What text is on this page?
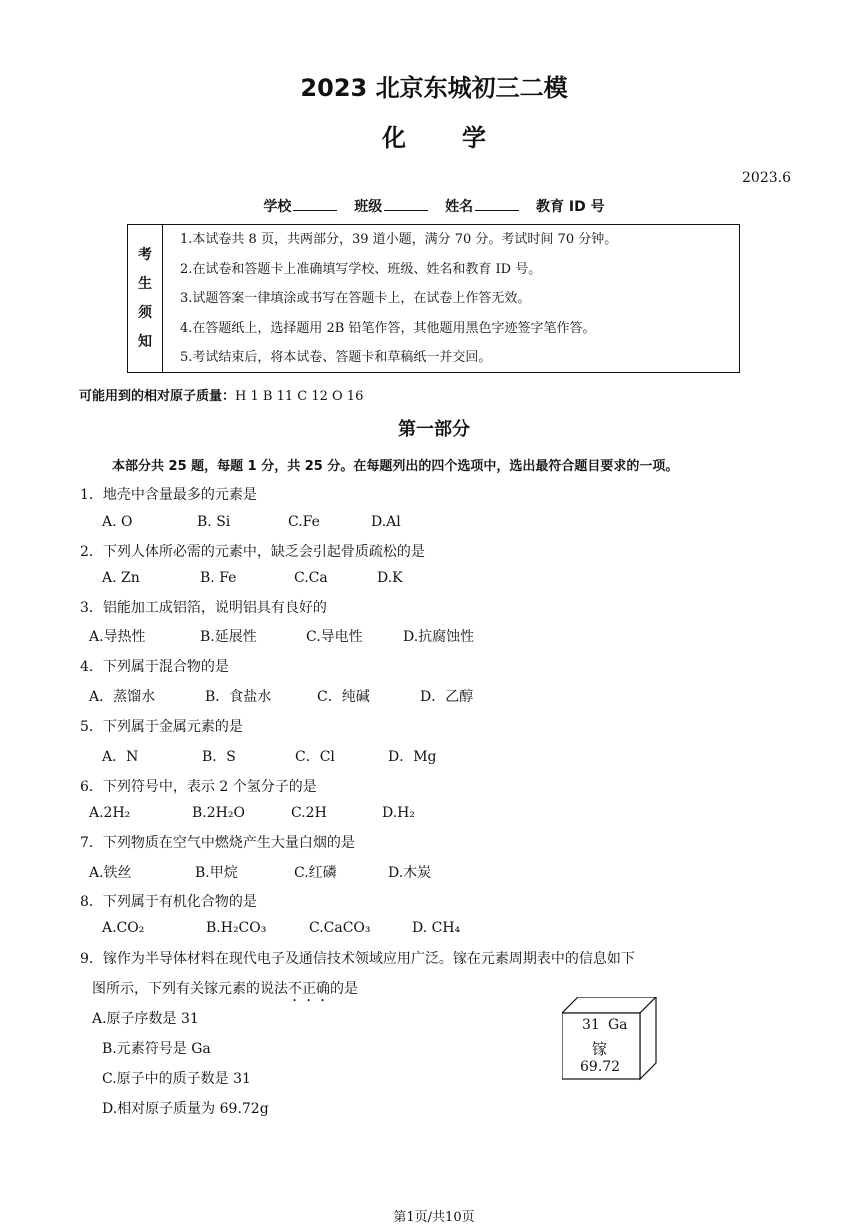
2023 北京东城初三二模
化学
2023.6
学校	班级	姓名	教育 ID 号
考
生
须
知
1.本试卷共 8 页，共两部分，39 道小题，满分 70 分。考试时间 70 分钟。
2.在试卷和答题卡上准确填写学校、班级、姓名和教育 ID 号。
3.试题答案一律填涂或书写在答题卡上，在试卷上作答无效。
4.在答题纸上，选择题用 2B 铅笔作答，其他题用黑色字迹签字笔作答。
5.考试结束后，将本试卷、答题卡和草稿纸一并交回。
可能用到的相对原子质量：H 1 B 11 C 12 O 16
第一部分
本部分共 25 题，每题 1 分，共 25 分。在每题列出的四个选项中，选出最符合题目要求的一项。
1．地壳中含量最多的元素是
A. O	B. Si	C.Fe	D.Al
2．下列人体所必需的元素中，缺乏会引起骨质疏松的是
A. Zn	B. Fe	C.Ca	D.K
3．铝能加工成铝箔，说明铝具有良好的
A.导热性	B.延展性	C.导电性	D.抗腐蚀性
4．下列属于混合物的是
A．蒸馏水	B．食盐水	C．纯碱	D．乙醇
5．下列属于金属元素的是
A．N	B．S	C．Cl	D．Mg
6．下列符号中，表示 2 个氢分子的是
A.2H₂	B.2H₂O	C.2H	D.H₂
7．下列物质在空气中燃烧产生大量白烟的是
A.铁丝	B.甲烷	C.红磷	D.木炭
8．下列属于有机化合物的是
A.CO₂	B.H₂CO₃	C.CaCO₃	D. CH₄
9．镓作为半导体材料在现代电子及通信技术领域应用广泛。镓在元素周期表中的信息如下
图所示，下列有关镓元素的说法不正确的是
A.原子序数是 31
B.元素符号是 Ga
C.原子中的质子数是 31
D.相对原子质量为 69.72g
31 Ga
镓
69.72
第1页/共10页
